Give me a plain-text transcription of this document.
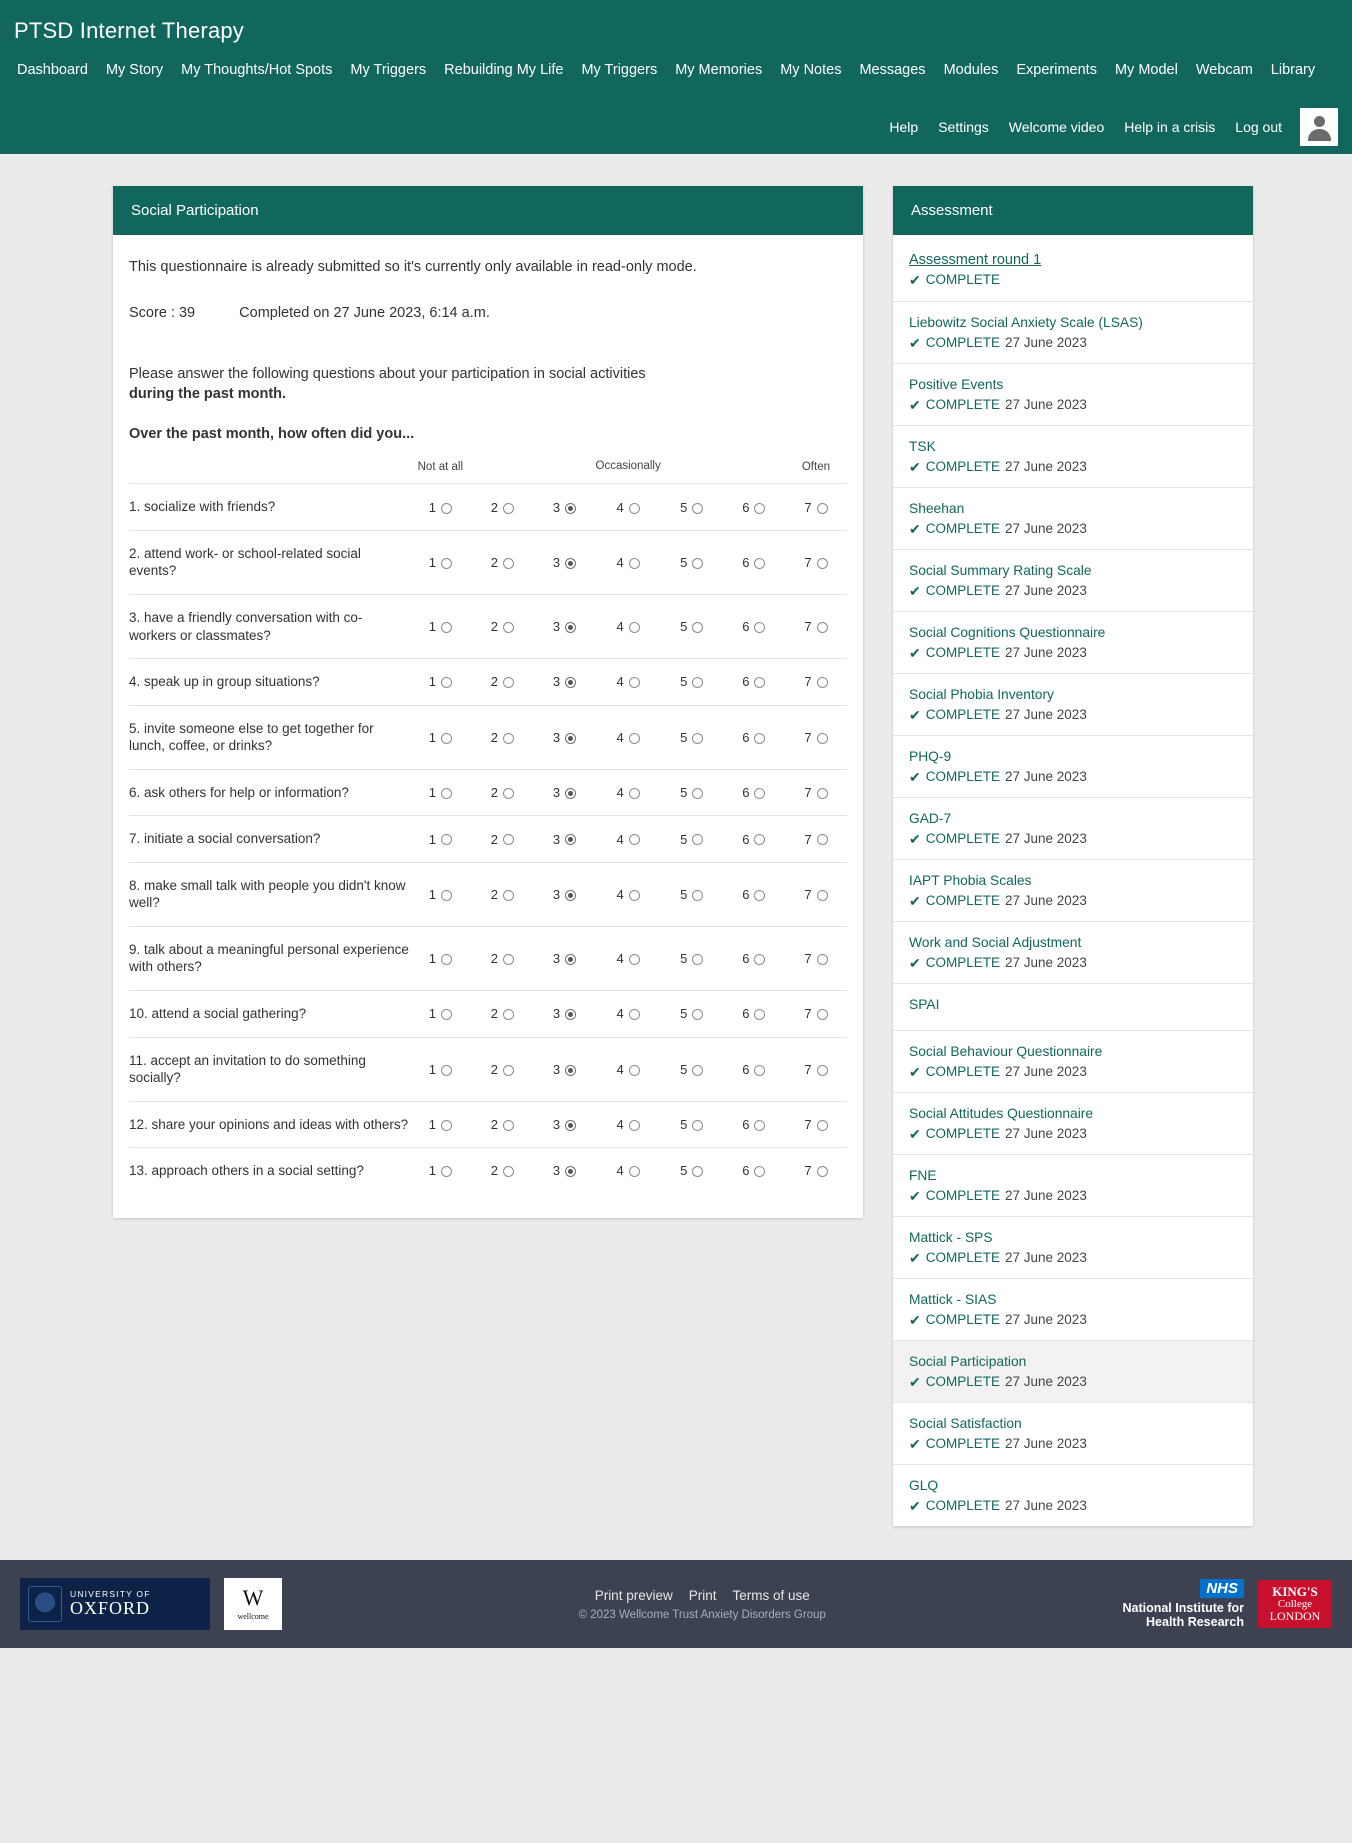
PTSD Internet Therapy
Dashboard	My Story	My Thoughts/Hot Spots	My Triggers	Rebuilding My Life	My Triggers	My Memories	My Notes	Messages	Modules	Experiments	My Model	Webcam	Library
Help	Settings	Welcome video	Help in a crisis	Log out
Social Participation
This questionnaire is already submitted so it's currently only available in read-only mode.
Score : 39	Completed on 27 June 2023, 6:14 a.m.
Please answer the following questions about your participation in social activities
during the past month.
Over the past month, how often did you...
	Not at all			Occasionally			Often
1. socialize with friends?	1	2	3	4	5	6	7
2. attend work- or school-related social events?	1	2	3	4	5	6	7
3. have a friendly conversation with co-workers or classmates?	1	2	3	4	5	6	7
4. speak up in group situations?	1	2	3	4	5	6	7
5. invite someone else to get together for lunch, coffee, or drinks?	1	2	3	4	5	6	7
6. ask others for help or information?	1	2	3	4	5	6	7
7. initiate a social conversation?	1	2	3	4	5	6	7
8. make small talk with people you didn't know well?	1	2	3	4	5	6	7
9. talk about a meaningful personal experience with others?	1	2	3	4	5	6	7
10. attend a social gathering?	1	2	3	4	5	6	7
11. accept an invitation to do something socially?	1	2	3	4	5	6	7
12. share your opinions and ideas with others?	1	2	3	4	5	6	7
13. approach others in a social setting?	1	2	3	4	5	6	7
Assessment
Assessment round 1
✔ COMPLETE
Liebowitz Social Anxiety Scale (LSAS)
✔ COMPLETE 27 June 2023
Positive Events
✔ COMPLETE 27 June 2023
TSK
✔ COMPLETE 27 June 2023
Sheehan
✔ COMPLETE 27 June 2023
Social Summary Rating Scale
✔ COMPLETE 27 June 2023
Social Cognitions Questionnaire
✔ COMPLETE 27 June 2023
Social Phobia Inventory
✔ COMPLETE 27 June 2023
PHQ-9
✔ COMPLETE 27 June 2023
GAD-7
✔ COMPLETE 27 June 2023
IAPT Phobia Scales
✔ COMPLETE 27 June 2023
Work and Social Adjustment
✔ COMPLETE 27 June 2023
SPAI
Social Behaviour Questionnaire
✔ COMPLETE 27 June 2023
Social Attitudes Questionnaire
✔ COMPLETE 27 June 2023
FNE
✔ COMPLETE 27 June 2023
Mattick - SPS
✔ COMPLETE 27 June 2023
Mattick - SIAS
✔ COMPLETE 27 June 2023
Social Participation
✔ COMPLETE 27 June 2023
Social Satisfaction
✔ COMPLETE 27 June 2023
GLQ
✔ COMPLETE 27 June 2023
UNIVERSITY OF
OXFORD	W
wellcome
Print preview Print Terms of use
© 2023 Wellcome Trust Anxiety Disorders Group
NHS
National Institute for
Health Research
KING'S
College
LONDON
